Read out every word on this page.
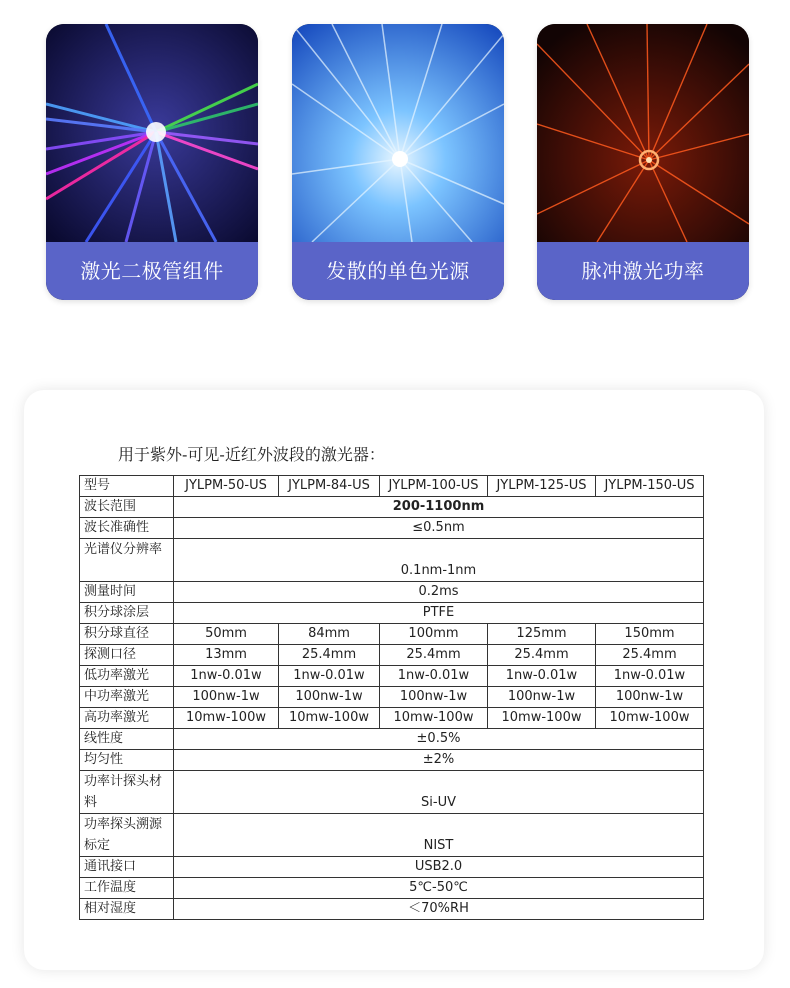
激光二极管组件	发散的单色光源	脉冲激光功率
用于紫外-可见-近红外波段的激光器：
型号	JYLPM-50-US	JYLPM-84-US	JYLPM-100-US	JYLPM-125-US	JYLPM-150-US
波长范围	200-1100nm				
波长准确性	≤0.5nm				
光谱仪分辨率	0.1nm-1nm				
测量时间	0.2ms				
积分球涂层	PTFE				
积分球直径	50mm	84mm	100mm	125mm	150mm
探测口径	13mm	25.4mm	25.4mm	25.4mm	25.4mm
低功率激光	1nw-0.01w	1nw-0.01w	1nw-0.01w	1nw-0.01w	1nw-0.01w
中功率激光	100nw-1w	100nw-1w	100nw-1w	100nw-1w	100nw-1w
高功率激光	10mw-100w	10mw-100w	10mw-100w	10mw-100w	10mw-100w
线性度	±0.5%				
均匀性	±2%				
功率计探头材料	Si-UV				
功率探头溯源标定	NIST				
通讯接口	USB2.0				
工作温度	5℃-50℃				
相对湿度	＜70%RH				
